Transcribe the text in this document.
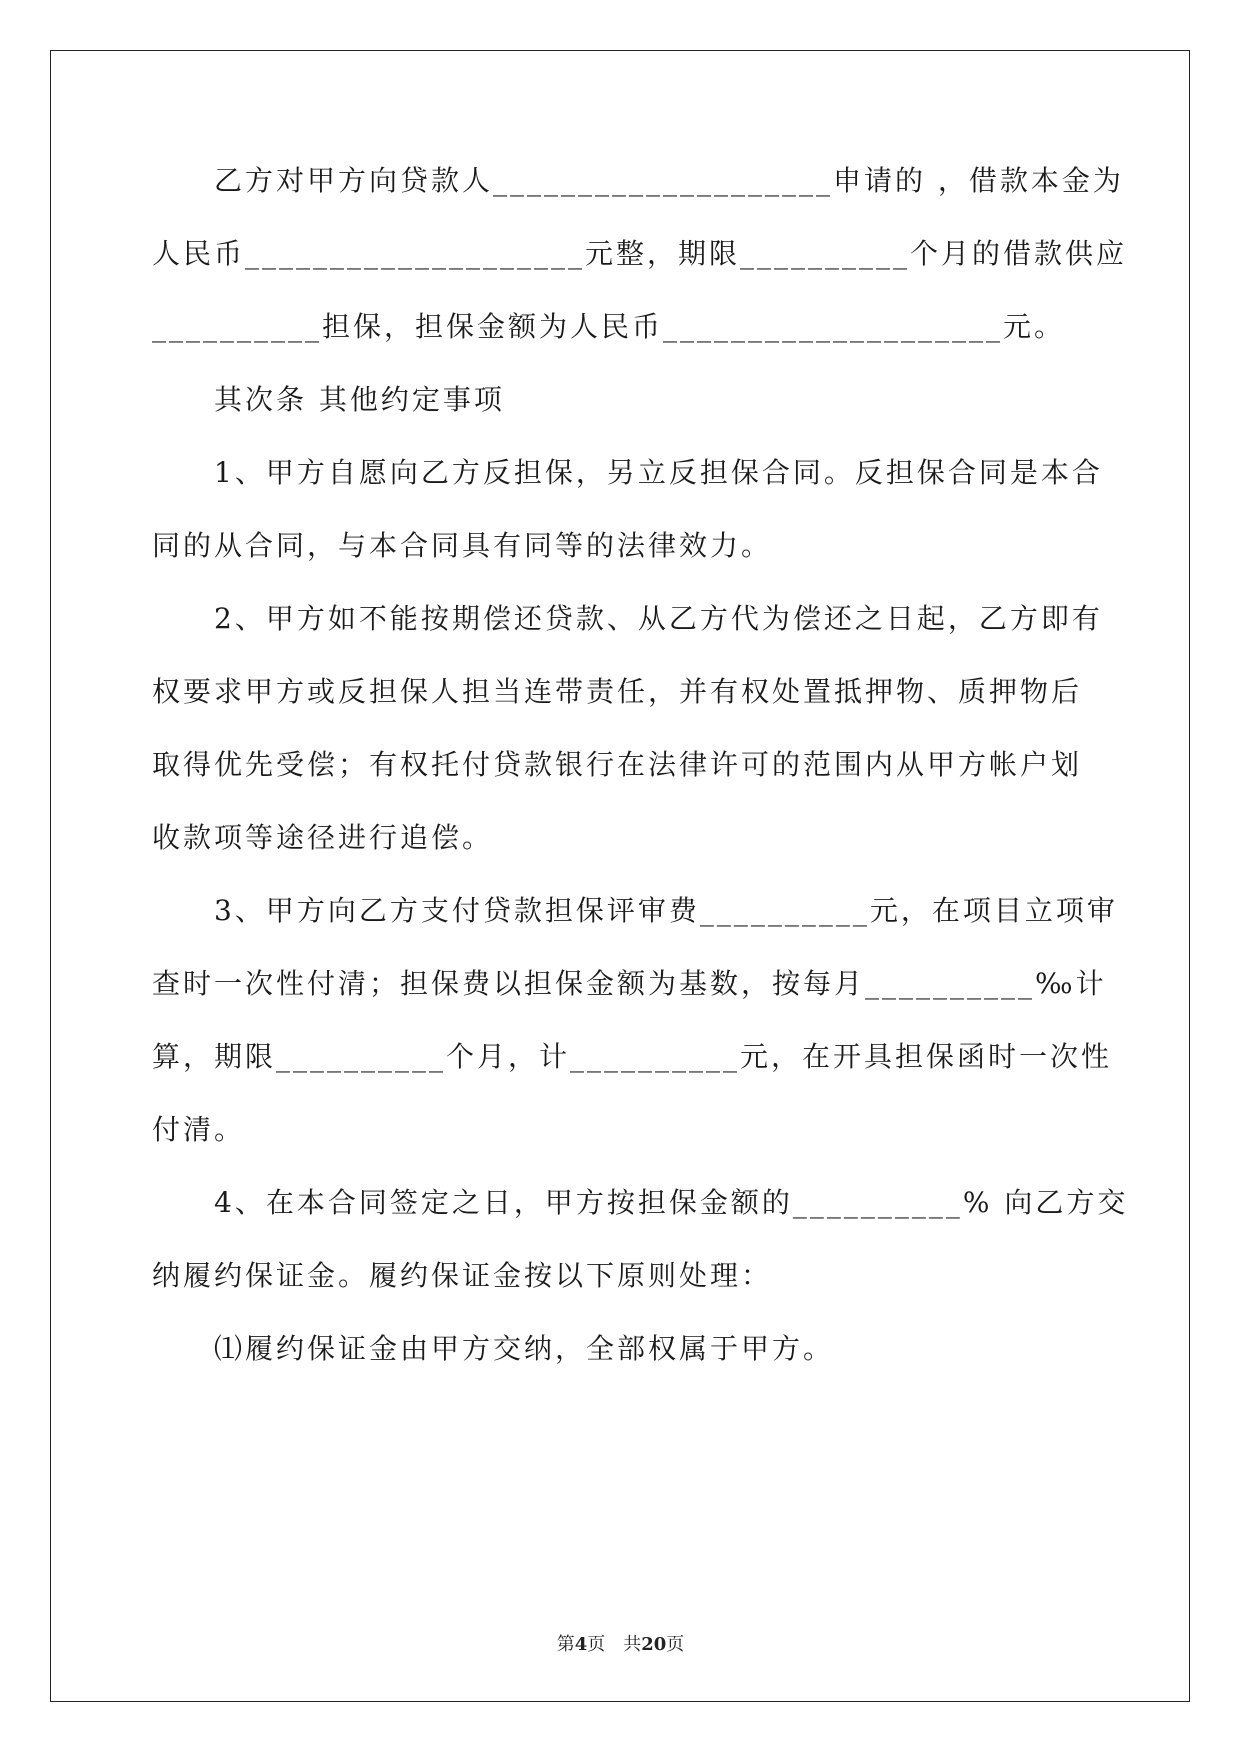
乙方对甲方向贷款人____________________申请的 ，借款本金为
人民币____________________元整，期限__________个月的借款供应
__________担保，担保金额为人民币____________________元。
其次条 其他约定事项
1、甲方自愿向乙方反担保，另立反担保合同。反担保合同是本合
同的从合同，与本合同具有同等的法律效力。
2、甲方如不能按期偿还贷款、从乙方代为偿还之日起，乙方即有
权要求甲方或反担保人担当连带责任，并有权处置抵押物、质押物后
取得优先受偿；有权托付贷款银行在法律许可的范围内从甲方帐户划
收款项等途径进行追偿。
3、甲方向乙方支付贷款担保评审费__________元，在项目立项审
查时一次性付清；担保费以担保金额为基数，按每月__________‰计
算，期限__________个月，计__________元，在开具担保函时一次性
付清。
4、在本合同签定之日，甲方按担保金额的__________% 向乙方交
纳履约保证金。履约保证金按以下原则处理：
⑴履约保证金由甲方交纳，全部权属于甲方。
第4页　共20页
